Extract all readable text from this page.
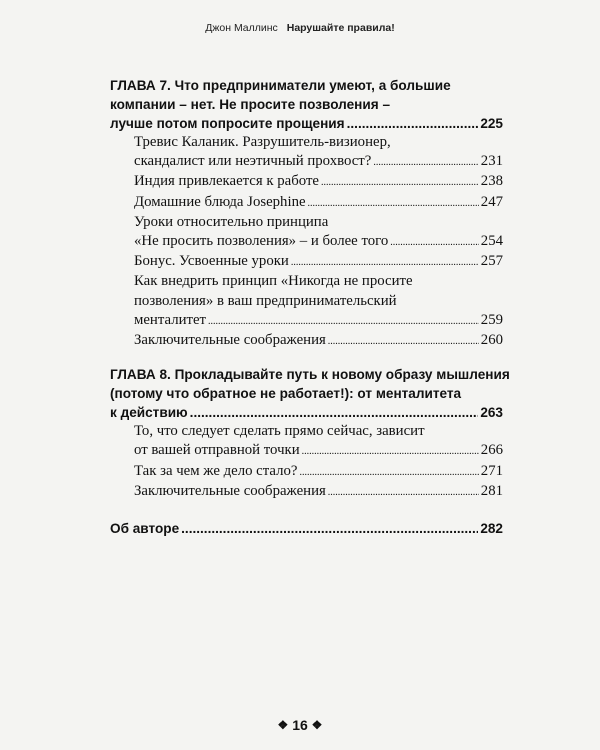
Джон Маллинс Нарушайте правила!
ГЛАВА 7. Что предприниматели умеют, а большие
компании – нет. Не просите позволения –
лучше потом попросите прощения .....	225
Тревис Каланик. Разрушитель-визионер,
скандалист или неэтичный прохвост? .....	231
Индия привлекается к работе .....	238
Домашние блюда Josephine .....	247
Уроки относительно принципа
«Не просить позволения» – и более того .....	254
Бонус. Усвоенные уроки .....	257
Как внедрить принцип «Никогда не просите
позволения» в ваш предпринимательский
менталитет .....	259
Заключительные соображения .....	260
ГЛАВА 8. Прокладывайте путь к новому образу мышления
(потому что обратное не работает!): от менталитета
к действию .....	263
То, что следует сделать прямо сейчас, зависит
от вашей отправной точки .....	266
Так за чем же дело стало? .....	271
Заключительные соображения .....	281
Об авторе .....	282
❖ 16 ❖
